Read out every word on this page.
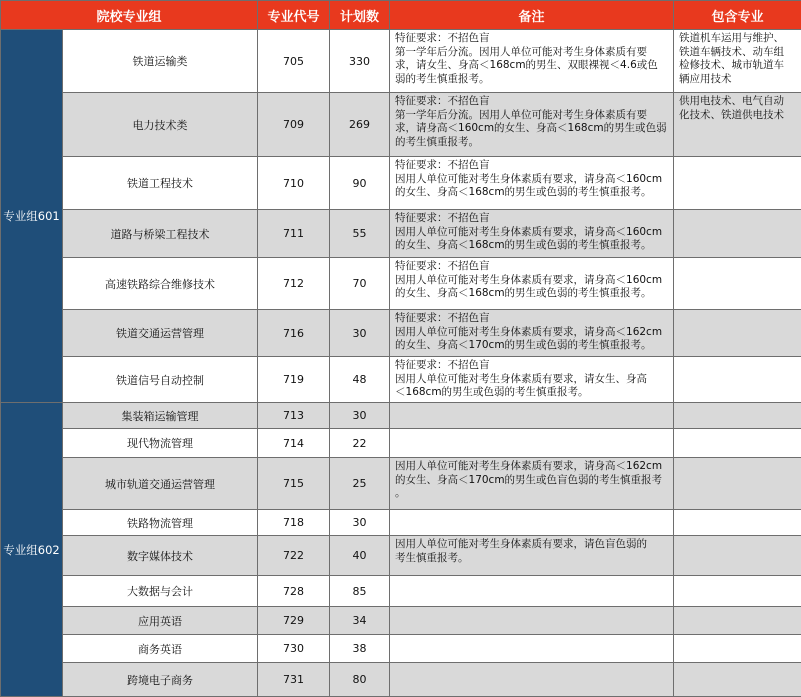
院校专业组		专业代号	计划数	备注	包含专业
专业组601	铁道运输类	705	330	特征要求：不招色盲
第一学年后分流。因用人单位可能对考生身体素质有要
求，请女生、身高＜168cm的男生、双眼裸视＜4.6或色
弱的考生慎重报考。	铁道机车运用与维护、
铁道车辆技术、动车组
检修技术、城市轨道车
辆应用技术

	电力技术类	709	269	特征要求：不招色盲
第一学年后分流。因用人单位可能对考生身体素质有要
求，请身高＜160cm的女生、身高＜168cm的男生或色弱
的考生慎重报考。	供用电技术、电气自动
化技术、铁道供电技术

	铁道工程技术	710	90	特征要求：不招色盲
因用人单位可能对考生身体素质有要求，请身高＜160cm
的女生、身高＜168cm的男生或色弱的考生慎重报考。	

	道路与桥梁工程技术	711	55	特征要求：不招色盲
因用人单位可能对考生身体素质有要求，请身高＜160cm
的女生、身高＜168cm的男生或色弱的考生慎重报考。	

	高速铁路综合维修技术	712	70	特征要求：不招色盲
因用人单位可能对考生身体素质有要求，请身高＜160cm
的女生、身高＜168cm的男生或色弱的考生慎重报考。	

	铁道交通运营管理	716	30	特征要求：不招色盲
因用人单位可能对考生身体素质有要求，请身高＜162cm
的女生、身高＜170cm的男生或色弱的考生慎重报考。	

	铁道信号自动控制	719	48	特征要求：不招色盲
因用人单位可能对考生身体素质有要求，请女生、身高
＜168cm的男生或色弱的考生慎重报考。	

专业组602	集装箱运输管理	713	30		
	现代物流管理	714	22		
	城市轨道交通运营管理	715	25	因用人单位可能对考生身体素质有要求，请身高＜162cm
的女生、身高＜170cm的男生或色盲色弱的考生慎重报考
。	

	铁路物流管理	718	30		
	数字媒体技术	722	40	因用人单位可能对考生身体素质有要求，请色盲色弱的
考生慎重报考。	

	大数据与会计	728	85		
	应用英语	729	34		
	商务英语	730	38		
	跨境电子商务	731	80		
